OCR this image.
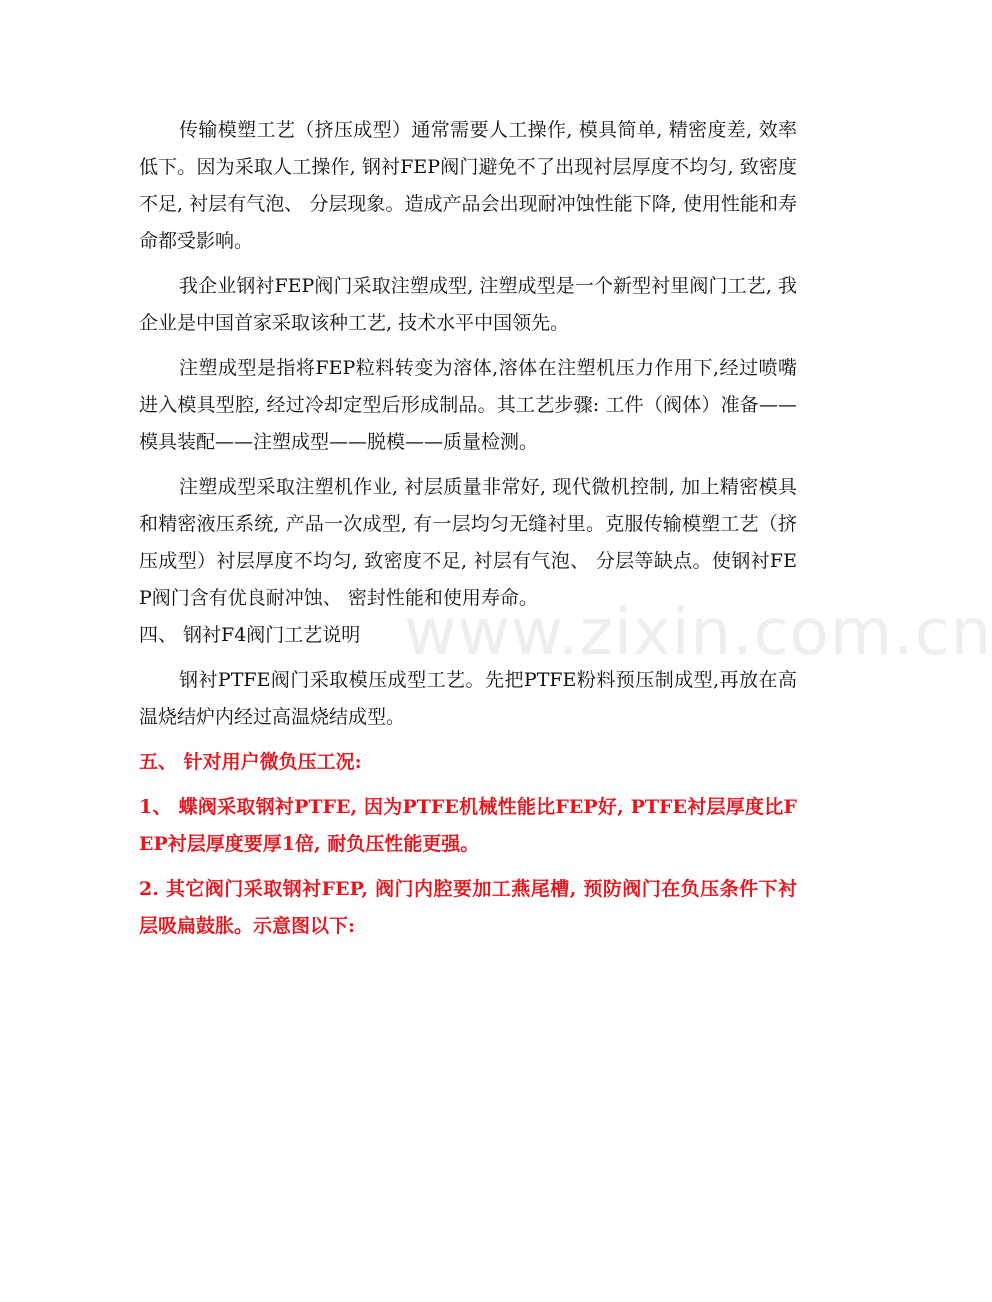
www.zixin.com.cn

传输模塑工艺（挤压成型）通常需要人工操作, 模具简单, 精密度差, 效率低下。因为采取人工操作, 钢衬FEP阀门避免不了出现衬层厚度不均匀, 致密度不足, 衬层有气泡、 分层现象。造成产品会出现耐冲蚀性能下降, 使用性能和寿命都受影响。

我企业钢衬FEP阀门采取注塑成型, 注塑成型是一个新型衬里阀门工艺, 我企业是中国首家采取该种工艺, 技术水平中国领先。

注塑成型是指将FEP粒料转变为溶体,溶体在注塑机压力作用下,经过喷嘴进入模具型腔, 经过冷却定型后形成制品。其工艺步骤: 工件（阀体）准备——模具装配——注塑成型——脱模——质量检测。

注塑成型采取注塑机作业, 衬层质量非常好, 现代微机控制, 加上精密模具和精密液压系统, 产品一次成型, 有一层均匀无缝衬里。克服传输模塑工艺（挤压成型）衬层厚度不均匀, 致密度不足, 衬层有气泡、 分层等缺点。使钢衬FEP阀门含有优良耐冲蚀、 密封性能和使用寿命。

四、 钢衬F4阀门工艺说明

钢衬PTFE阀门采取模压成型工艺。先把PTFE粉料预压制成型,再放在高温烧结炉内经过高温烧结成型。

五、 针对用户微负压工况:

1、 蝶阀采取钢衬PTFE, 因为PTFE机械性能比FEP好, PTFE衬层厚度比FEP衬层厚度要厚1倍, 耐负压性能更强。

2. 其它阀门采取钢衬FEP, 阀门内腔要加工燕尾槽, 预防阀门在负压条件下衬层吸扁鼓胀。示意图以下:
